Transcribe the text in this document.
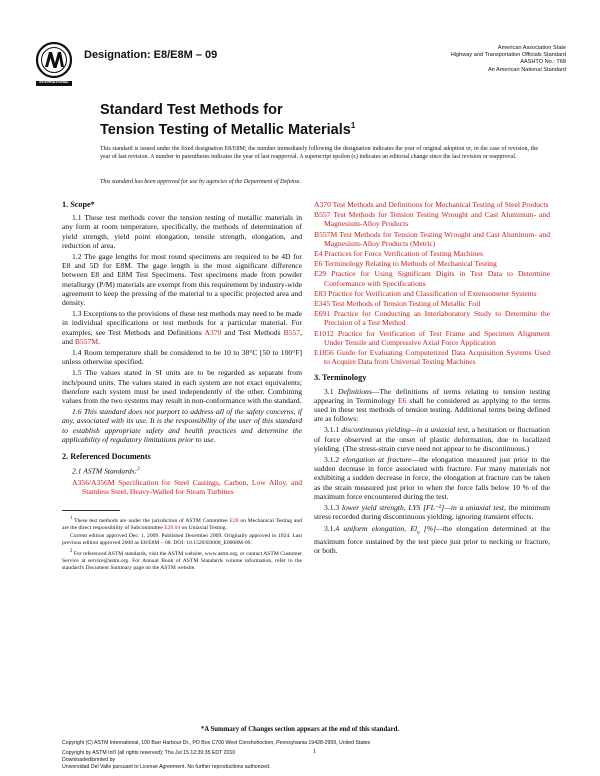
INTERNATIONAL
Designation: E8/E8M – 09
American Association State
Highway and Transportation Officials Standard
AASHTO No.: T68
An American National Standard
Standard Test Methods for
Tension Testing of Metallic Materials$^1$
This standard is issued under the fixed designation E8/E8M; the number immediately following the designation indicates the year of original adoption or, in the case of revision, the year of last revision. A number in parentheses indicates the year of last reapproval. A superscript epsilon (ε) indicates an editorial change since the last revision or reapproval.
This standard has been approved for use by agencies of the Department of Defense.
1. Scope*
1.1 These test methods cover the tension testing of metallic materials in any form at room temperature, specifically, the methods of determination of yield strength, yield point elongation, tensile strength, elongation, and reduction of area.
1.2 The gage lengths for most round specimens are required to be 4D for E8 and 5D for E8M. The gage length is the most significant difference between E8 and E8M Test Specimens. Test specimens made from powder metallurgy (P/M) materials are exempt from this requirement by industry-wide agreement to keep the pressing of the material to a specific projected area and density.
1.3 Exceptions to the provisions of these test methods may need to be made in individual specifications or test methods for a particular material. For examples, see Test Methods and Definitions A370 and Test Methods B557, and B557M.
1.4 Room temperature shall be considered to be 10 to 38°C [50 to 100°F] unless otherwise specified.
1.5 The values stated in SI units are to be regarded as separate from inch/pound units. The values stated in each system are not exact equivalents; therefore each system must be used independently of the other. Combining values from the two systems may result in non-conformance with the standard.
1.6 This standard does not purport to address all of the safety concerns, if any, associated with its use. It is the responsibility of the user of this standard to establish appropriate safety and health practices and determine the applicability of regulatory limitations prior to use.
2. Referenced Documents
2.1 ASTM Standards:$^2$
A356/A356M Specification for Steel Castings, Carbon, Low Alloy, and Stainless Steel, Heavy-Walled for Steam Turbines
$^1$ These test methods are under the jurisdiction of ASTM Committee E28 on Mechanical Testing and are the direct responsibility of Subcommittee E28.04 on Uniaxial Testing.
Current edition approved Dec. 1, 2009. Published December 2009. Originally approved in 1924. Last previous edition approved 2008 as E8/E8M – 08. DOI: 10.1520/E0008_E0008M-09.
$^2$ For referenced ASTM standards, visit the ASTM website, www.astm.org, or contact ASTM Customer Service at service@astm.org. For Annual Book of ASTM Standards volume information, refer to the standard's Document Summary page on the ASTM website.
A370 Test Methods and Definitions for Mechanical Testing of Steel Products
B557 Test Methods for Tension Testing Wrought and Cast Aluminum- and Magnesium-Alloy Products
B557M Test Methods for Tension Testing Wrought and Cast Aluminum- and Magnesium-Alloy Products (Metric)
E4 Practices for Force Verification of Testing Machines
E6 Terminology Relating to Methods of Mechanical Testing
E29 Practice for Using Significant Digits in Test Data to Determine Conformance with Specifications
E83 Practice for Verification and Classification of Extensometer Systems
E345 Test Methods of Tension Testing of Metallic Foil
E691 Practice for Conducting an Interlaboratory Study to Determine the Precision of a Test Method
E1012 Practice for Verification of Test Frame and Specimen Alignment Under Tensile and Compressive Axial Force Application
E1856 Guide for Evaluating Computerized Data Acquisition Systems Used to Acquire Data from Universal Testing Machines
3. Terminology
3.1 Definitions—The definitions of terms relating to tension testing appearing in Terminology E6 shall be considered as applying to the terms used in these test methods of tension testing. Additional terms being defined are as follows:
3.1.1 discontinuous yielding—in a uniaxial test, a hesitation or fluctuation of force observed at the onset of plastic deformation, due to localized yielding. (The stress-strain curve need not appear to be discontinuous.)
3.1.2 elongation at fracture—the elongation measured just prior to the sudden decrease in force associated with fracture. For many materials not exhibiting a sudden decrease in force, the elongation at fracture can be taken as the strain measured just prior to when the force falls below 10 % of the maximum force encountered during the test.
3.1.3 lower yield strength, LYS [FL⁻²]—in a uniaxial test, the minimum stress recorded during discontinuous yielding, ignoring transient effects.
3.1.4 uniform elongation, $El_u$ [%]—the elongation determined at the maximum force sustained by the test piece just prior to necking or fracture, or both.
*A Summary of Changes section appears at the end of this standard.
Copyright (C) ASTM International, 100 Barr Harbour Dr., PO Box C700 West Conshohocken, Pennsylvania 19428-2959, United States
Copyright by ASTM Int'l (all rights reserved); Thu Jul 15 12:39:35 EDT 2010
Downloaded/printed by
Universidad Del Valle pursuant to License Agreement. No further reproductions authorized.
1
